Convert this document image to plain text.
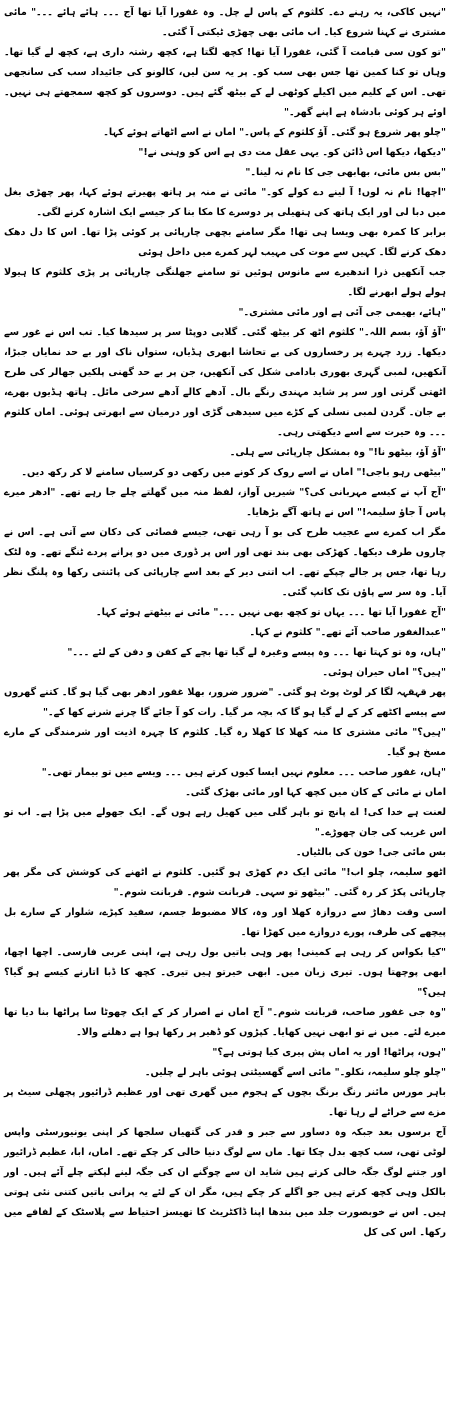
"نہیں کاکی، یہ رہنے دے۔ کلثوم کے پاس لے چل۔ وہ غفورا آیا تھا آج ۔۔۔ ہائے ہائے ۔۔۔" مائی مشتری نے کہنا شروع کیا۔ اب مائی بھی چھڑی ٹیکتی آ گئی۔

"تو کون سی قیامت آ گئی، غفورا آیا تھا! کچھ لگتا ہے، کچھ رشتہ داری ہے، کچھ لے گیا تھا۔ وہاں تو کنا کمین تھا جس بھی سب کو۔ پر یہ سن لیں، کالونو کی جائیداد سب کی سانجھی تھی۔ اس کے کلیم میں اکیلے کوٹھی لے کے بیٹھ گئے ہیں۔ دوسروں کو کچھ سمجھتے ہی نہیں۔ اوئے ہر کوئی بادشاہ ہے اپنے گھر۔"

"چلو پھر شروع ہو گئی۔ آؤ کلثوم کے پاس۔" اماں نے اسے اٹھاتے ہوئے کہا۔

"دیکھا، دیکھا اس ڈائن کو۔ یہی عقل مت دی ہے اس کو وہنی نے!"

"بس بس مائی، بھابھی جی کا نام نہ لینا۔"

"اچھا! نام نہ لوں! آ لینے دے کولے کو۔" مائی نے منہ پر ہاتھ پھیرتے ہوئے کہا، پھر چھڑی بغل میں دبا لی اور ایک ہاتھ کی ہتھیلی پر دوسرے کا مکا بنا کر جیسے ایک اشارہ کرنے لگی۔

برابر کا کمرہ بھی ویسا ہی تھا! مگر سامنے بچھی چارپائی پر کوئی پڑا تھا۔ اس کا دل دھک دھک کرنے لگا۔ کہیں سے موت کی مہیب لہر کمرے میں داخل ہوئی

جب آنکھیں ذرا اندھیرے سے مانوس ہوئیں تو سامنے جھلنگی چارپائی پر پڑی کلثوم کا ہیولا ہولے ہولے ابھرنے لگا۔

"ہائے، بھیمی جی آئی ہے اور مائی مشتری۔"

"آؤ آؤ، بسم اللہ۔" کلثوم اٹھ کر بیٹھ گئی۔ گلابی دوپٹا سر پر سیدھا کیا۔ تب اس نے غور سے دیکھا۔ زرد چہرے پر رخساروں کی بے تحاشا ابھری ہڈیاں، ستواں ناک اور بے حد نمایاں جبڑا، آنکھیں، لمبی گہری بھوری بادامی شکل کی آنکھیں، جن پر بے حد گھنی پلکیں جھالر کی طرح اٹھتی گرتی اور سر پر شاید مہندی رنگے بال۔ آدھے کالے آدھے سرخی مائل۔ ہاتھ ہڈیوں بھرے، بے جان۔ گردن لمبی نسلی کے کڑے میں سیدھی گڑی اور درمیان سے ابھرتی ہوئی۔ اماں کلثوم ۔۔۔ وہ حیرت سے اسے دیکھتی رہی۔

"آؤ آؤ، بیٹھو نا!" وہ بمشکل چارپائی سے ہلی۔

"بیٹھی رہو باجی!" اماں نے اسے روک کر کونے میں رکھی دو کرسیاں سامنے لا کر رکھ دیں۔

"آج آپ نے کیسے مہربانی کی؟" شیریں آواز، لفظ منہ میں گھلتے چلے جا رہے تھے۔ "ادھر میرے پاس آ جاؤ سلیمہ!" اس نے ہاتھ آگے بڑھایا۔

مگر اب کمرے سے عجیب طرح کی بو آ رہی تھی، جیسے قصائی کی دکان سے آتی ہے۔ اس نے چاروں طرف دیکھا۔ کھڑکی بھی بند تھی اور اس پر ڈوری میں دو پرانے پردے ٹنگے تھے۔ وہ لٹک رہا تھا، جس پر جالے چپکے تھے۔ اب اتنی دیر کے بعد اسے چارپائی کی پائنتی رکھا وہ پلنگ نظر آیا۔ وہ سر سے پاؤں تک کانپ گئی۔

"آج غفورا آیا تھا ۔۔۔ یہاں تو کچھ بھی نہیں ۔۔۔" مائی نے بیٹھتے ہوئے کہا۔

"عبدالغفور صاحب آئے تھے۔" کلثوم نے کہا۔

"ہاں، وہ تو کہتا تھا ۔۔۔ وہ پیسے وغیرہ لے گیا تھا بچے کے کفن و دفن کے لئے ۔۔۔"

"ہیں؟" اماں حیران ہوئی۔

پھر قہقہہ لگا کر لوٹ پوٹ ہو گئی۔ "ضرور ضرور، بھلا غفور ادھر بھی گیا ہو گا۔ کتنے گھروں سے پیسے اکٹھے کر کے لے گیا ہو گا کہ بچہ مر گیا۔ رات کو آ جائے گا چرنے شرنے کھا کے۔"

"ہیں؟" مائی مشتری کا منہ کھلا کا کھلا رہ گیا۔ کلثوم کا چہرہ اذیت اور شرمندگی کے مارے مسخ ہو گیا۔

"ہاں، غفور صاحب ۔۔۔ معلوم نہیں ایسا کیوں کرتے ہیں ۔۔۔ ویسے میں تو بیمار تھی۔"

اماں نے مائی کے کان میں کچھ کہا اور مائی بھڑک گئی۔

لعنت ہے خدا کی! اے پانچ تو باہر گلی میں کھیل رہے ہوں گے۔ ایک جھولے میں پڑا ہے۔ اب تو اس غریب کی جان چھوڑے۔"

بس مائی جی! خون کی بالٹیاں۔

اٹھو سلیمہ، چلو اب!" مائی ایک دم کھڑی ہو گئیں۔ کلثوم نے اٹھنے کی کوشش کی مگر پھر چارپائی پکڑ کر رہ گئی۔ "بیٹھو تو سہی۔ قربانت شوم۔ قربانت شوم۔"

اسی وقت دھاڑ سے دروازہ کھلا اور وہ، کالا مضبوط جسم، سفید کپڑے، شلوار کے سارے بل پیچھے کی طرف، پورے دروازے میں کھڑا تھا۔

"کیا بکواس کر رہی ہے کمینی! پھر وہی باتیں بول رہی ہے، اپنی عربی فارسی۔ اچھا اچھا، ابھی پوچھتا ہوں۔ تیری زبان میں۔ ابھی خیرتو ہیں تیری۔ کچھ کا ڈبا اتارنے کیسے ہو گیا؟ ہیں؟"

"وہ جی غفور صاحب، قربانت شوم۔" آج اماں نے اصرار کر کے ایک چھوٹا سا پراٹھا بنا دیا تھا میرے لئے۔ میں نے تو ابھی نہیں کھایا۔ کپڑوں کو ڈھیر پر رکھا ہوا ہے دھلنے والا۔

"ہوں، پراٹھا! اور یہ اماں پش پیری کیا ہوتی ہے؟"

"چلو چلو سلیمہ، نکلو۔" مائی اسے گھسیٹتی ہوئی باہر لے چلیں۔

باہر مورس مائنر رنگ برنگ بچوں کے ہجوم میں گھری تھی اور عظیم ڈرائیور پچھلی سیٹ پر مزے سے خراٹے لے رہا تھا۔

آج برسوں بعد جبکہ وہ دساور سے جبر و قدر کی گتھیاں سلجھا کر اپنی یونیورسٹی واپس لوٹی تھی، سب کچھ بدل چکا تھا۔ ماں سے لوگ دنیا خالی کر چکے تھے۔ اماں، ابا، عظیم ڈرائیور اور جتنے لوگ جگہ خالی کرتے ہیں شاید ان سے چوگنے ان کی جگہ لینے لپکتے چلے آئے ہیں۔ اور بالکل وہی کچھ کرتے ہیں جو اگلے کر چکے ہیں، مگر ان کے لئے یہ پرانی باتیں کتنی نئی ہوتی ہیں۔ اس نے خوبصورت جلد میں بندھا اپنا ڈاکٹریٹ کا تھیسز احتیاط سے پلاسٹک کے لفافے میں رکھا۔ اس کی کل
